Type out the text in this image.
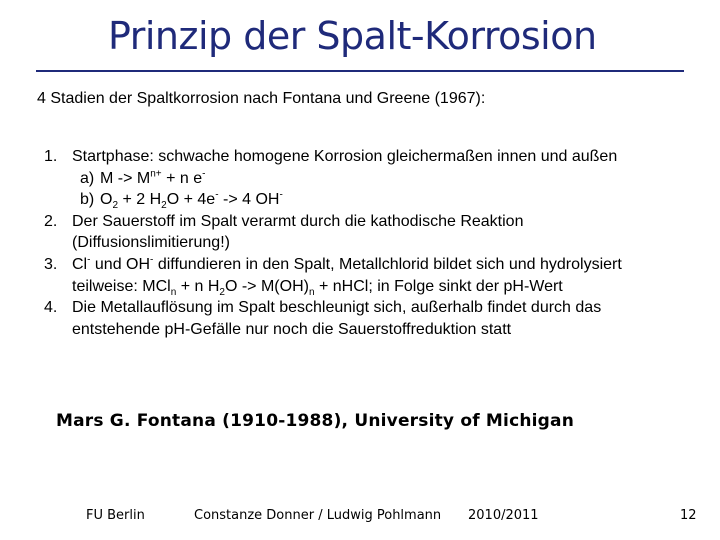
Prinzip der Spalt-Korrosion
4 Stadien der Spaltkorrosion nach Fontana und Greene (1967):
1. Startphase: schwache homogene Korrosion gleichermaßen innen und außen
a) $M -> M^{n+} + n$ e-
b) $O_2 + 2$ $H_2O + 4e^- -> 4$ OH-
2. Der Sauerstoff im Spalt verarmt durch die kathodische Reaktion (Diffusionslimitierung!)
3. Cl- und OH- diffundieren in den Spalt, Metallchlorid bildet sich und hydrolysiert teilweise: MCl$_n$ + n $H_2O -> M(OH)_n$ + nHCl; in Folge sinkt der pH-Wert
4. Die Metallauflösung im Spalt beschleunigt sich, außerhalb findet durch das entstehende pH-Gefälle nur noch die Sauerstoffreduktion statt
Mars G. Fontana (1910-1988), University of Michigan
FU Berlin	Constanze Donner / Ludwig Pohlmann 2010/2011	12
